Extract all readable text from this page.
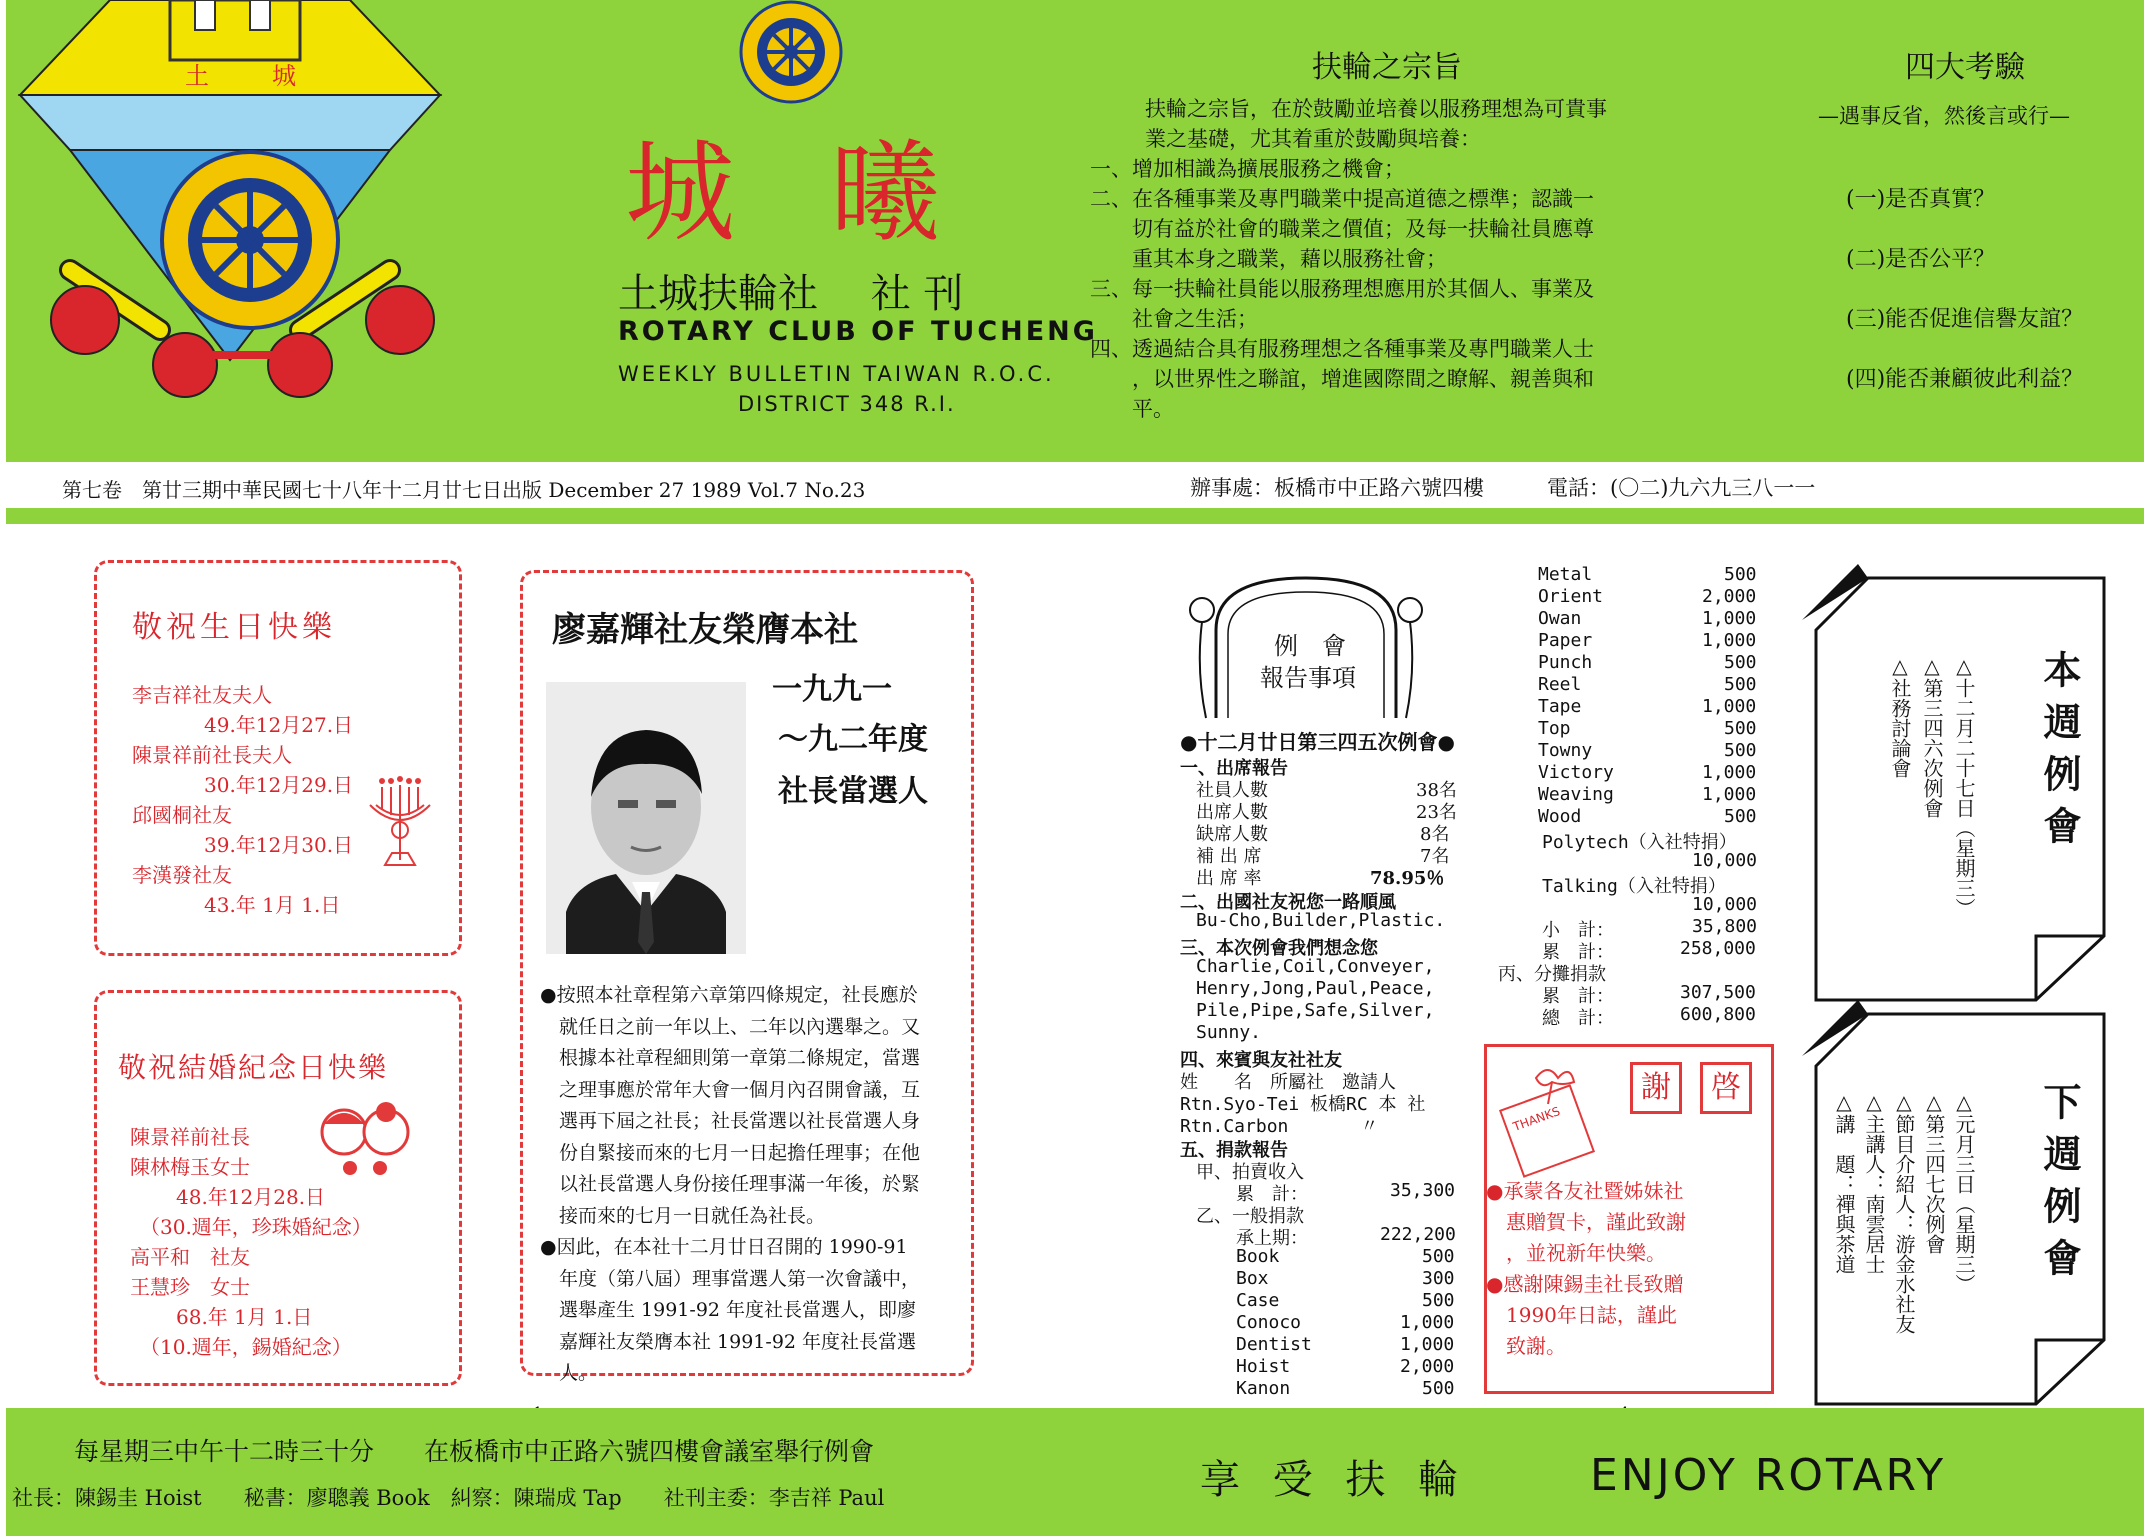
土	城
城 曦
土城扶輪社　 社 刊
ROTARY CLUB OF TUCHENG
WEEKLY BULLETIN TAIWAN R.O.C.
DISTRICT 348 R.I.
扶輪之宗旨
扶輪之宗旨，在於鼓勵並培養以服務理想為可貴事
業之基礎，尤其着重於鼓勵與培養：
一、增加相識為擴展服務之機會；
二、在各種事業及專門職業中提高道德之標準；認識一
　　切有益於社會的職業之價值；及每一扶輪社員應尊
　　重其本身之職業，藉以服務社會；
三、每一扶輪社員能以服務理想應用於其個人、事業及
　　社會之生活；
四、透過結合具有服務理想之各種事業及專門職業人士
　　，以世界性之聯誼，增進國際間之瞭解、親善與和
　　平。
四大考驗
—遇事反省，然後言或行—
(一)是否真實？
(二)是否公平？
(三)能否促進信譽友誼？
(四)能否兼顧彼此利益？
第七卷　第廿三期中華民國七十八年十二月廿七日出版 December 27 1989 Vol.7 No.23	辦事處：板橋市中正路六號四樓　　　電話：(〇二)九六九三八一一
敬祝生日快樂
李吉祥社友夫人
49.年12月27.日
陳景祥前社長夫人
30.年12月29.日
邱國桐社友
39.年12月30.日
李漢發社友
43.年 1月 1.日
敬祝結婚紀念日快樂
陳景祥前社長
陳林梅玉女士
　48.年12月28.日
　（30.週年，珍珠婚紀念）
高平和　社友
王慧珍　女士
　68.年 1月 1.日
　（10.週年，錫婚紀念）
廖嘉輝社友榮膺本社
一九九一
～九二年度
社長當選人
●按照本社章程第六章第四條規定，社長應於
　就任日之前一年以上、二年以內選舉之。又
　根據本社章程細則第一章第二條規定，當選
　之理事應於常年大會一個月內召開會議，互
　選再下屆之社長；社長當選以社長當選人身
　份自緊接而來的七月一日起擔任理事；在他
　以社長當選人身份接任理事滿一年後，於緊
　接而來的七月一日就任為社長。
●因此，在本社十二月廿日召開的 1990-91
　年度（第八屆）理事當選人第一次會議中，
　選舉產生 1991-92 年度社長當選人，即廖
　嘉輝社友榮膺本社 1991-92 年度社長當選
　人。
每星期三中午十二時三十分　　在板橋市中正路六號四樓會議室舉行例會
社長：陳錫圭 Hoist　　秘書：廖聰義 Book　糾察：陳瑞成 Tap　　社刊主委：李吉祥 Paul	享 受 扶 輪	ENJOY ROTARY
例　會
報告事項
●十二月廿日第三四五次例會●
一、出席報告
社員人數	38名
出席人數	23名
缺席人數	8名
補 出 席	7名
出 席 率	78.95％
二、出國社友祝您一路順風
Bu-Cho,Builder,Plastic.
三、本次例會我們想念您
Charlie,Coil,Conveyer,
Henry,Jong,Paul,Peace,
Pile,Pipe,Safe,Silver,
Sunny.
四、來賓與友社社友
姓　　名　所屬社　邀請人
Rtn.Syo-Tei 板橋RC 本 社
Rtn.Carbon　　　　〃
五、捐款報告
甲、拍賣收入
累　計：	35,300
乙、一般捐款
承上期：	222,200
Book	500
Box	300
Case	500
Conoco	1,000
Dentist	1,000
Hoist	2,000
Kanon	500
Metal	500
Orient	2,000
Owan	1,000
Paper	1,000
Punch	500
Reel	500
Tape	1,000
Top	500
Towny	500
Victory	1,000
Weaving	1,000
Wood	500
Polytech（入社特捐）
10,000
Talking（入社特捐）
10,000
小　計：	35,800
累　計：	258,000
丙、分攤捐款
累　計：	307,500
總　計：	600,800
THANKS
謝	啓
●承蒙各友社暨姊妹社
　惠贈賀卡，謹此致謝
　，並祝新年快樂。
●感謝陳錫圭社長致贈
　1990年日誌，謹此
　致謝。
本週例會
△十二月二十七日（星期三）
△第三四六次例會
△社務討論會
下週例會
△元月三日（星期三）
△第三四七次例會
△節目介紹人：游金水社友
△主講人：南雲居士
△講　題：禪與茶道
